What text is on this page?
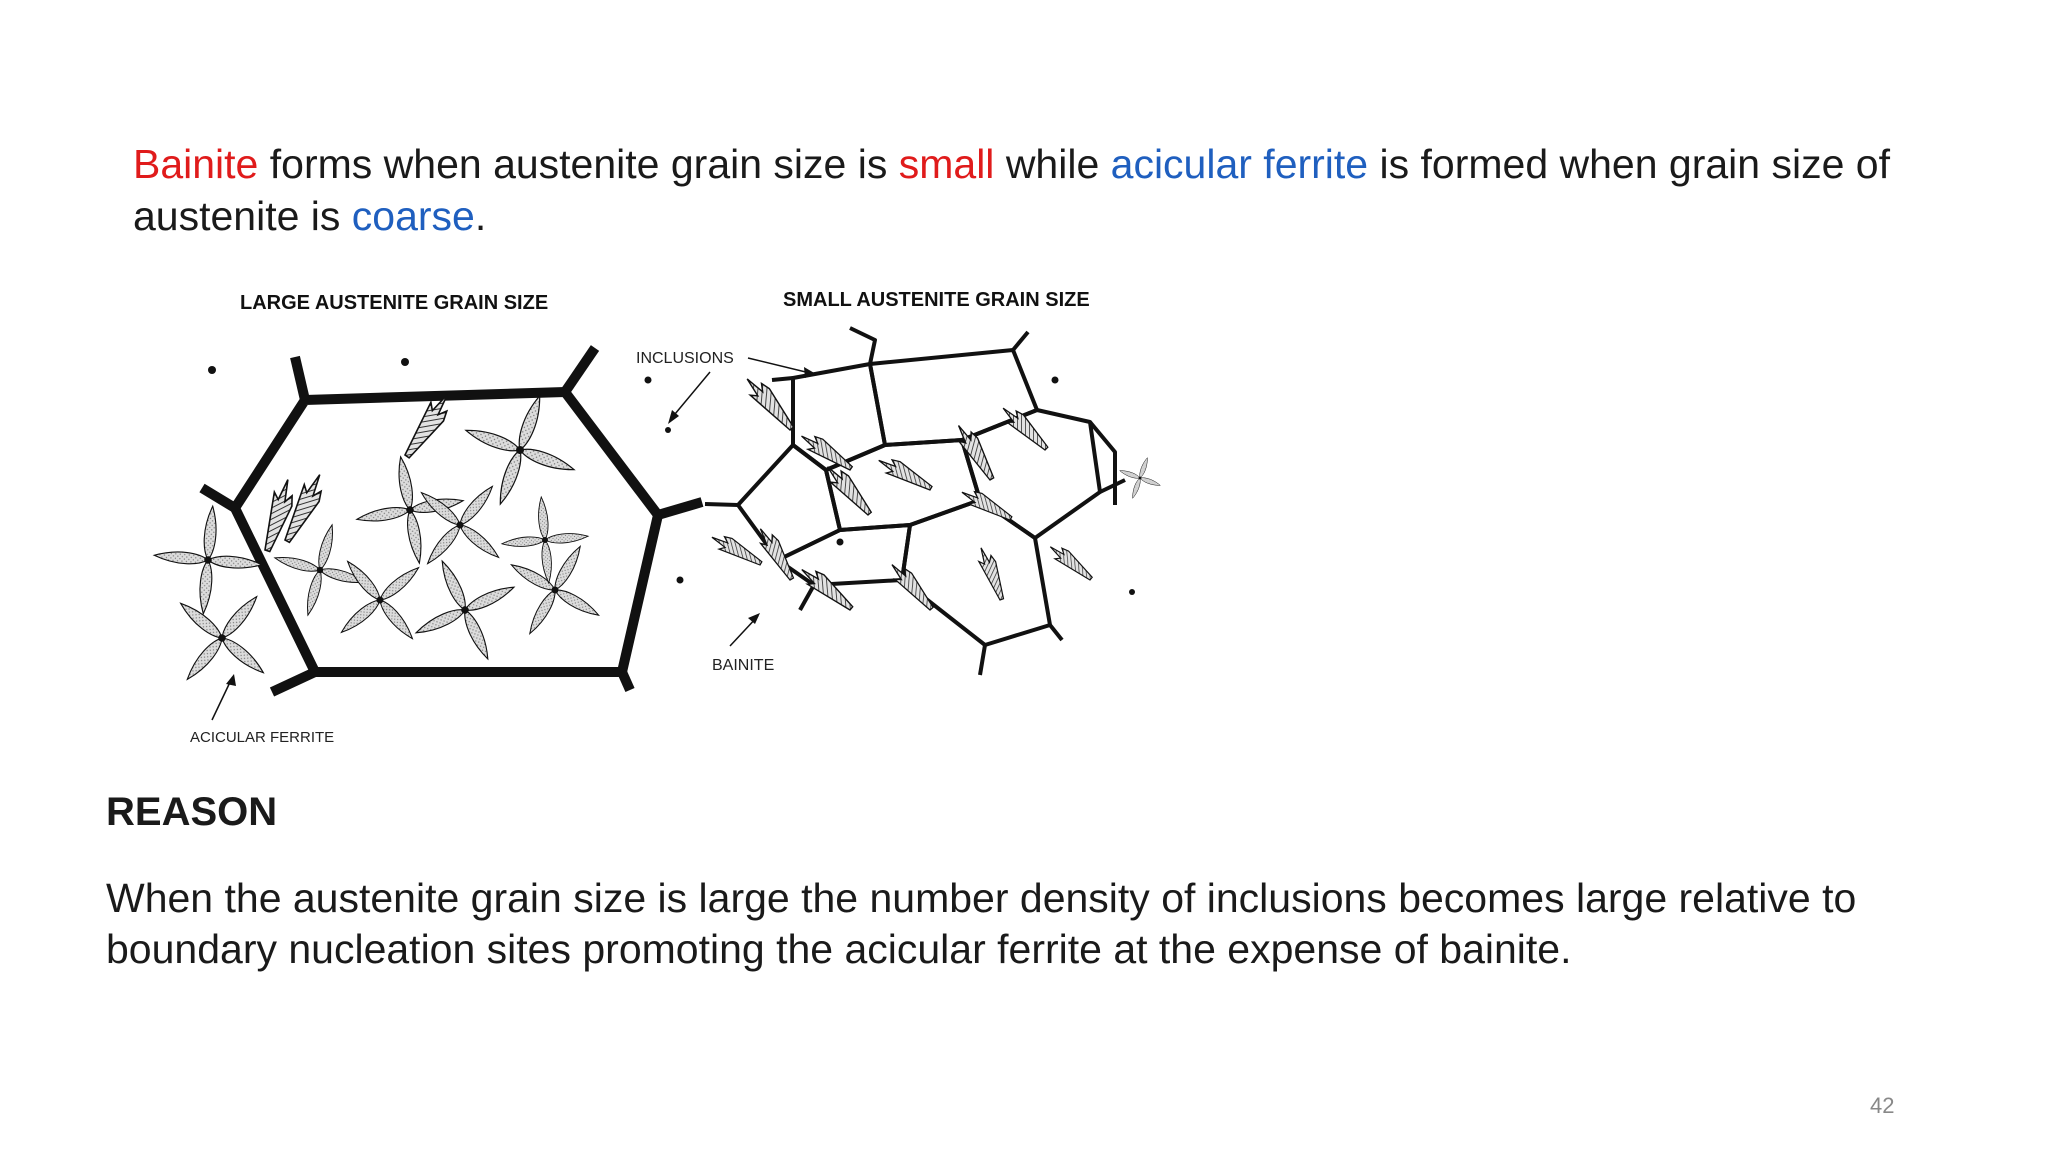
Bainite forms when austenite grain size is small while acicular ferrite is formed when grain size of austenite is coarse.

LARGE AUSTENITE GRAIN SIZE	SMALL AUSTENITE GRAIN SIZE
INCLUSIONS
BAINITE
ACICULAR FERRITE
REASON

When the austenite grain size is large the number density of inclusions becomes large relative to boundary nucleation sites promoting the acicular ferrite at the expense of bainite.

42
